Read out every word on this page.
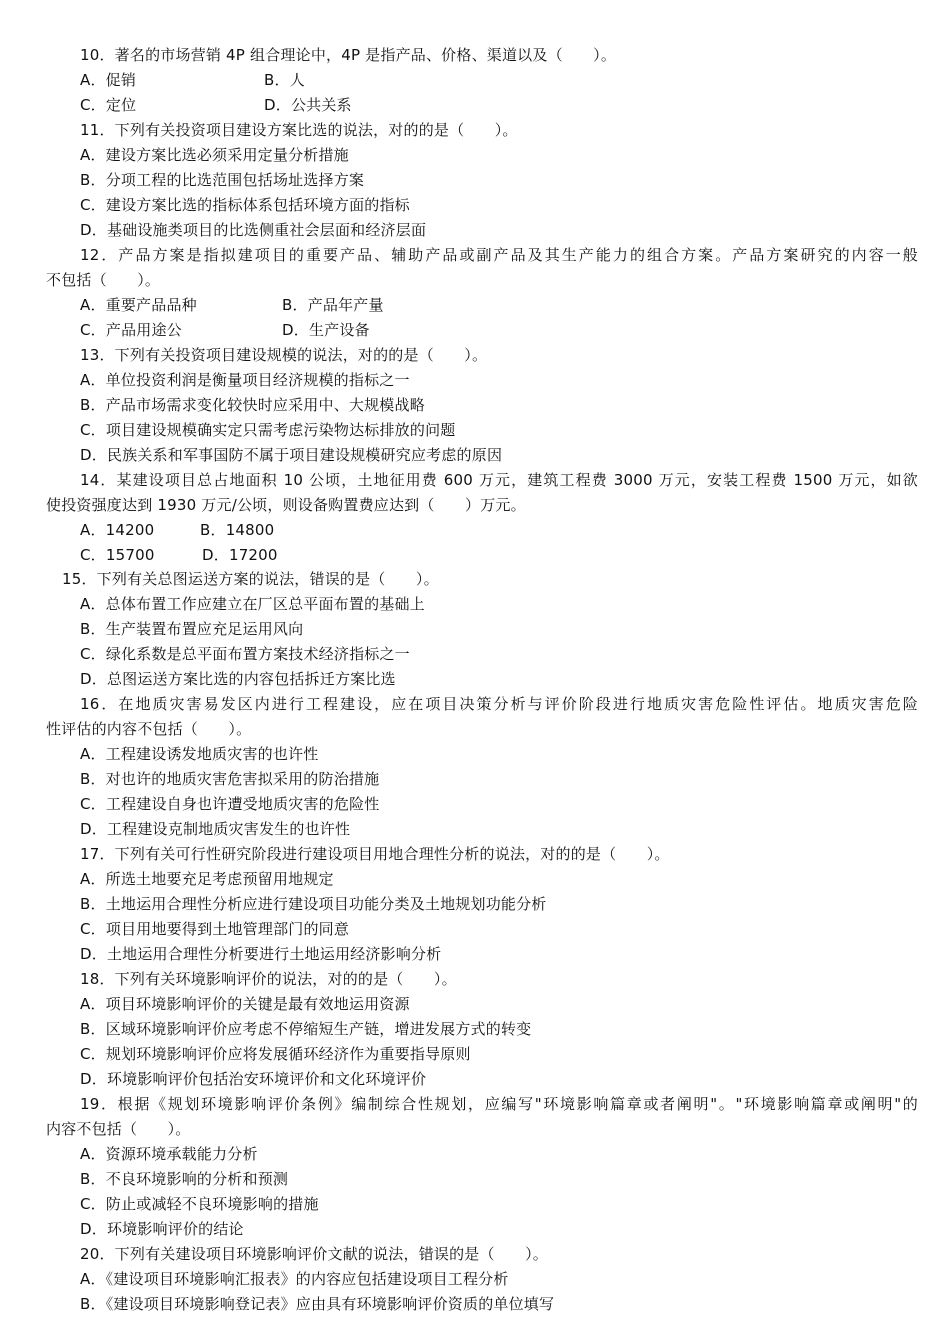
10．著名的市场营销 4P 组合理论中，4P 是指产品、价格、渠道以及（　　）。
A．促销	B．人
C．定位	D．公共关系
11．下列有关投资项目建设方案比选的说法，对的的是（　　）。
A．建设方案比选必须采用定量分析措施
B．分项工程的比选范围包括场址选择方案
C．建设方案比选的指标体系包括环境方面的指标
D．基础设施类项目的比选侧重社会层面和经济层面
12．产品方案是指拟建项目的重要产品、辅助产品或副产品及其生产能力的组合方案。产品方案研究的内容一般
不包括（　　）。
A．重要产品品种	B．产品年产量
C．产品用途公	D．生产设备
13．下列有关投资项目建设规模的说法，对的的是（　　）。
A．单位投资利润是衡量项目经济规模的指标之一
B．产品市场需求变化较快时应采用中、大规模战略
C．项目建设规模确实定只需考虑污染物达标排放的问题
D．民族关系和军事国防不属于项目建设规模研究应考虑的原因
14．某建设项目总占地面积 10 公顷，土地征用费 600 万元，建筑工程费 3000 万元，安装工程费 1500 万元，如欲
使投资强度达到 1930 万元/公顷，则设备购置费应达到（　　）万元。
A．14200	B．14800
C．15700	D．17200
15．下列有关总图运送方案的说法，错误的是（　　）。
A．总体布置工作应建立在厂区总平面布置的基础上
B．生产装置布置应充足运用风向
C．绿化系数是总平面布置方案技术经济指标之一
D．总图运送方案比选的内容包括拆迁方案比选
16．在地质灾害易发区内进行工程建设，应在项目决策分析与评价阶段进行地质灾害危险性评估。地质灾害危险
性评估的内容不包括（　　）。
A．工程建设诱发地质灾害的也许性
B．对也许的地质灾害危害拟采用的防治措施
C．工程建设自身也许遭受地质灾害的危险性
D．工程建设克制地质灾害发生的也许性
17．下列有关可行性研究阶段进行建设项目用地合理性分析的说法，对的的是（　　）。
A．所选土地要充足考虑预留用地规定
B．土地运用合理性分析应进行建设项目功能分类及土地规划功能分析
C．项目用地要得到土地管理部门的同意
D．土地运用合理性分析要进行土地运用经济影响分析
18．下列有关环境影响评价的说法，对的的是（　　）。
A．项目环境影响评价的关键是最有效地运用资源
B．区域环境影响评价应考虑不停缩短生产链，增进发展方式的转变
C．规划环境影响评价应将发展循环经济作为重要指导原则
D．环境影响评价包括治安环境评价和文化环境评价
19．根据《规划环境影响评价条例》编制综合性规划，应编写"环境影响篇章或者阐明"。"环境影响篇章或阐明"的
内容不包括（　　）。
A．资源环境承载能力分析
B．不良环境影响的分析和预测
C．防止或减轻不良环境影响的措施
D．环境影响评价的结论
20．下列有关建设项目环境影响评价文献的说法，错误的是（　　）。
A．《建设项目环境影响汇报表》的内容应包括建设项目工程分析
B．《建设项目环境影响登记表》应由具有环境影响评价资质的单位填写
